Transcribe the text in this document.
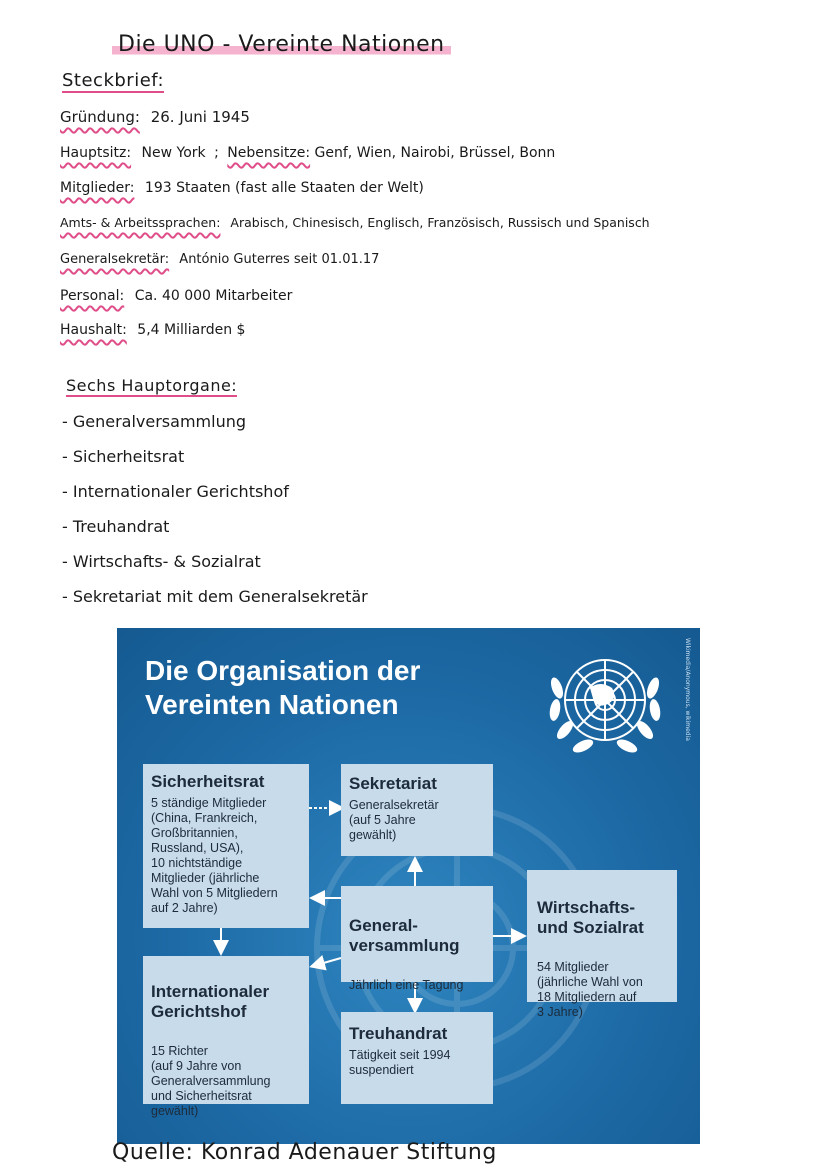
Die UNO - Vereinte Nationen
Steckbrief:
Gründung: 26. Juni 1945
Hauptsitz: New York ; Nebensitze: Genf, Wien, Nairobi, Brüssel, Bonn
Mitglieder: 193 Staaten (fast alle Staaten der Welt)
Amts- & Arbeitssprachen: Arabisch, Chinesisch, Englisch, Französisch, Russisch und Spanisch
Generalsekretär: António Guterres seit 01.01.17
Personal: Ca. 40 000 Mitarbeiter
Haushalt: 5,4 Milliarden $
Sechs Hauptorgane:
- Generalversammlung
- Sicherheitsrat
- Internationaler Gerichtshof
- Treuhandrat
- Wirtschafts- & Sozialrat
- Sekretariat mit dem Generalsekretär
Die Organisation der
Vereinten Nationen	Wikimedia/Anonymous, wikimedia
Sicherheitsrat
5 ständige Mitglieder
(China, Frankreich,
Großbritannien,
Russland, USA),
10 nichtständige
Mitglieder (jährliche
Wahl von 5 Mitgliedern
auf 2 Jahre)
Sekretariat
Generalsekretär
(auf 5 Jahre
gewählt)

General-
versammlung

Jährlich eine Tagung

Wirtschafts-
und Sozialrat

54 Mitglieder
(jährliche Wahl von
18 Mitgliedern auf
3 Jahre)

Internationaler
Gerichtshof

15 Richter
(auf 9 Jahre von
Generalversammlung
und Sicherheitsrat
gewählt)

Treuhandrat
Tätigkeit seit 1994
suspendiert
Quelle: Konrad Adenauer Stiftung
